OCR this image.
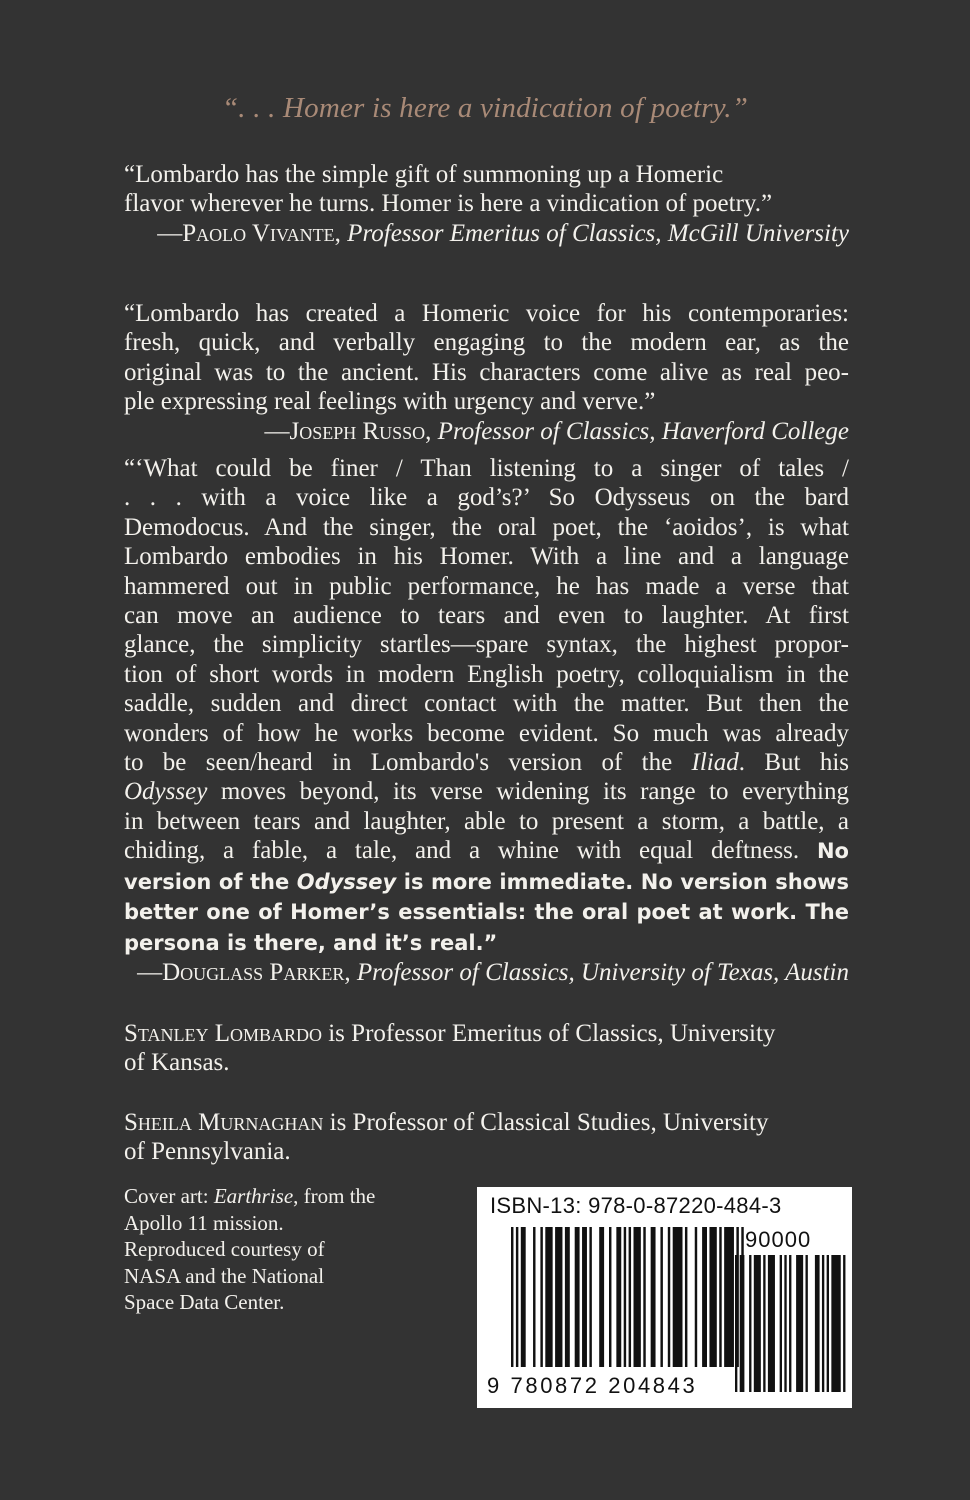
“. . . Homer is here a vindication of poetry.”
“Lombardo has the simple gift of summoning up a Homeric
flavor wherever he turns. Homer is here a vindication of poetry.”
—Paolo Vivante, Professor Emeritus of Classics, McGill University
“Lombardo has created a Homeric voice for his contemporaries:
fresh, quick, and verbally engaging to the modern ear, as the
original was to the ancient. His characters come alive as real peo-
ple expressing real feelings with urgency and verve.”
—Joseph Russo, Professor of Classics, Haverford College
“‘What could be finer / Than listening to a singer of tales /
. . . with a voice like a god’s?’ So Odysseus on the bard
Demodocus. And the singer, the oral poet, the ‘aoidos’, is what
Lombardo embodies in his Homer. With a line and a language
hammered out in public performance, he has made a verse that
can move an audience to tears and even to laughter. At first
glance, the simplicity startles—spare syntax, the highest propor-
tion of short words in modern English poetry, colloquialism in the
saddle, sudden and direct contact with the matter. But then the
wonders of how he works become evident. So much was already
to be seen/heard in Lombardo's version of the Iliad. But his
Odyssey moves beyond, its verse widening its range to everything
in between tears and laughter, able to present a storm, a battle, a
chiding, a fable, a tale, and a whine with equal deftness. No
version of the Odyssey is more immediate. No version shows
better one of Homer’s essentials: the oral poet at work. The
persona is there, and it’s real.”
—Douglass Parker, Professor of Classics, University of Texas, Austin
Stanley Lombardo is Professor Emeritus of Classics, University
of Kansas.
Sheila Murnaghan is Professor of Classical Studies, University
of Pennsylvania.
Cover art: Earthrise, from the
Apollo 11 mission.
Reproduced courtesy of
NASA and the National
Space Data Center.
ISBN-13: 978-0-87220-484-3
90000
9 780872 204843
